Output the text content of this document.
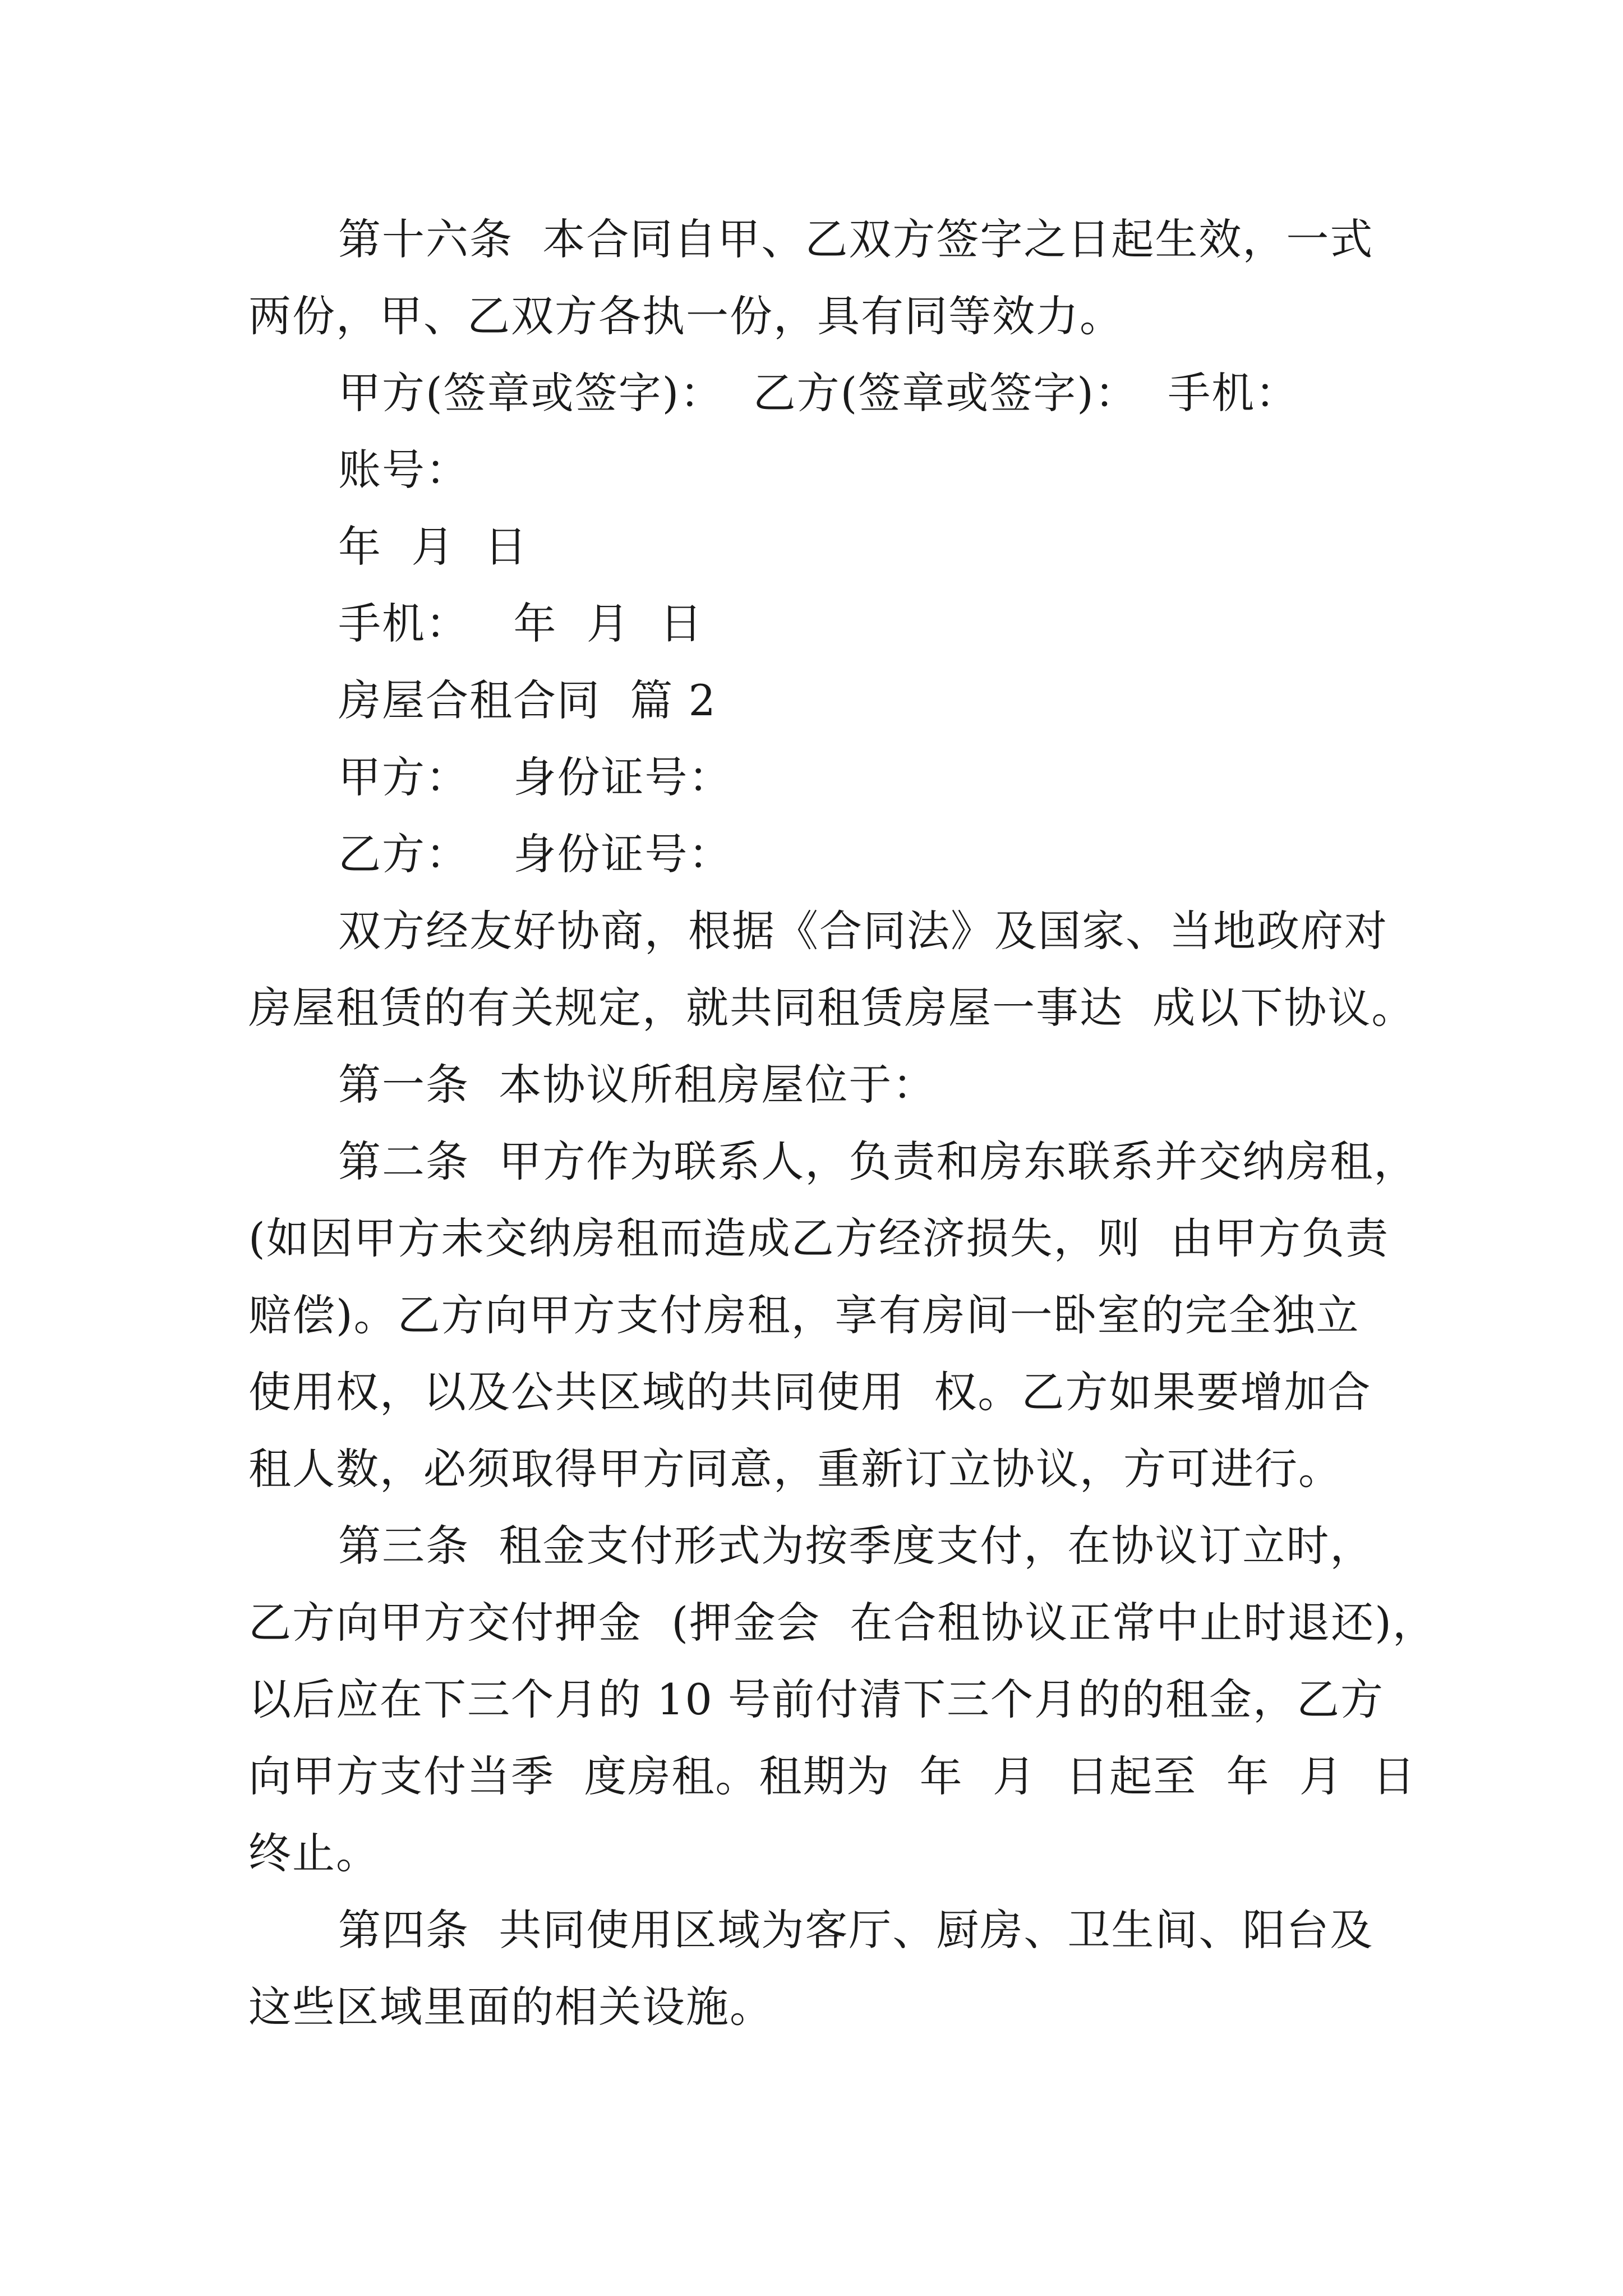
第十六条  本合同自甲、乙双方签字之日起生效，一式

两份，甲、乙双方各执一份，具有同等效力。

甲方(签章或签字)：  乙方(签章或签字)：  手机：

账号：

年  月  日

手机：   年  月  日

房屋合租合同  篇 2

甲方：   身份证号：

乙方：   身份证号：

双方经友好协商，根据《合同法》及国家、当地政府对

房屋租赁的有关规定，就共同租赁房屋一事达  成以下协议。

第一条  本协议所租房屋位于：

第二条  甲方作为联系人，负责和房东联系并交纳房租，

(如因甲方未交纳房租而造成乙方经济损失，则  由甲方负责

赔偿)。乙方向甲方支付房租，享有房间一卧室的完全独立

使用权，以及公共区域的共同使用  权。乙方如果要增加合

租人数，必须取得甲方同意，重新订立协议，方可进行。

第三条  租金支付形式为按季度支付，在协议订立时，

乙方向甲方交付押金  (押金会  在合租协议正常中止时退还)，

以后应在下三个月的 10 号前付清下三个月的的租金，乙方

向甲方支付当季  度房租。租期为  年  月  日起至  年  月  日

终止。

第四条  共同使用区域为客厅、厨房、卫生间、阳台及

这些区域里面的相关设施。
